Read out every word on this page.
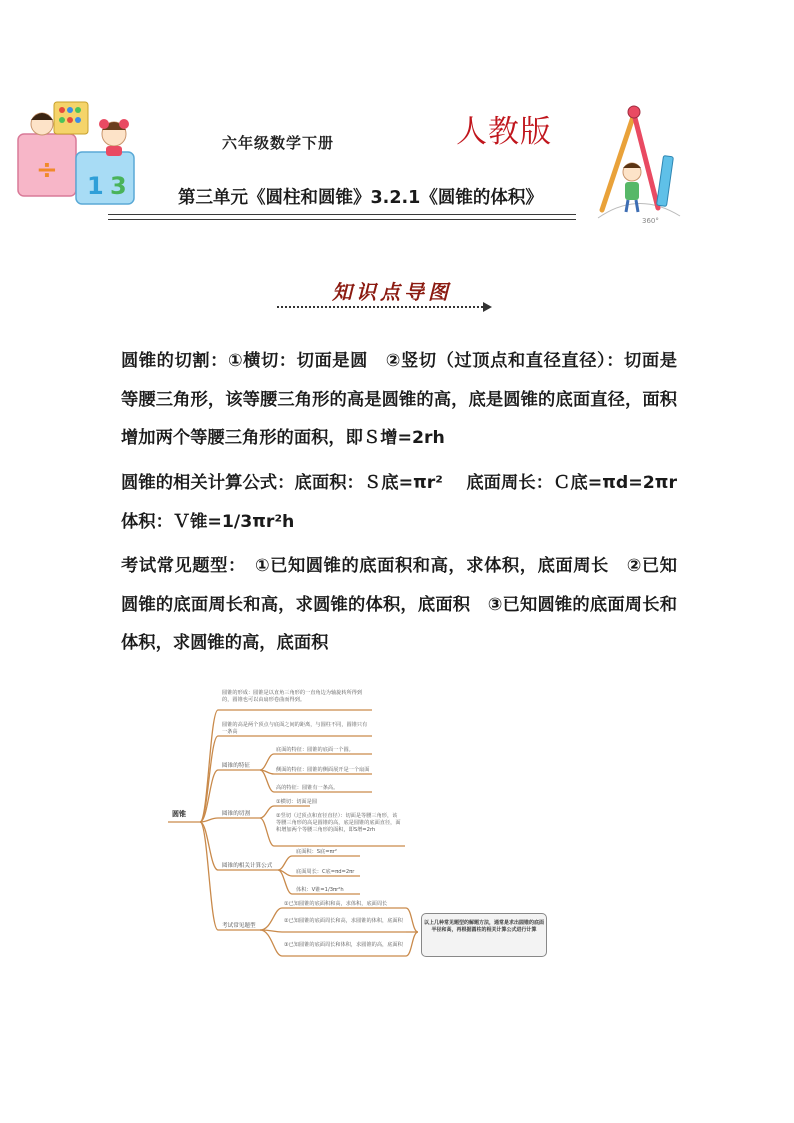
÷
1 3
360°
六年级数学下册	人教版
第三单元《圆柱和圆锥》3.2.1《圆锥的体积》
知识点导图
圆锥的切割：①横切：切面是圆　②竖切（过顶点和直径直径）：切面是等腰三角形，该等腰三角形的高是圆锥的高，底是圆锥的底面直径，面积增加两个等腰三角形的面积，即Ｓ增=2rh
圆锥的相关计算公式：底面积：Ｓ底=πr²　 底面周长：Ｃ底=πd=2πr　体积：Ｖ锥=1/3πr²h
考试常见题型：　①已知圆锥的底面积和高，求体积，底面周长　②已知圆锥的底面周长和高，求圆锥的体积，底面积　③已知圆锥的底面周长和体积，求圆锥的高，底面积
圆锥
圆锥的形成：圆锥是以直角三角形的一直角边为轴旋转所得到的，圆锥也可以由扇形卷曲而得到。
圆锥的高是两个顶点与底面之间的距离，与圆柱不同，圆锥只有一条高
圆锥的特征
底面的特征：圆锥的底面一个圆。
侧面的特征：圆锥的侧面展开是一个扇面
高的特征：圆锥有一条高。
圆锥的切割
①横切：切面是圆
②竖切（过顶点和直径直径）：切面是等腰三角形，该等腰三角形的高是圆锥的高，底是圆锥的底面直径，面积增加两个等腰三角形的面积，即S增=2rh
圆锥的相关计算公式
底面积：S底=πr²
底面周长：C底=πd=2πr
体积：V锥=1/3πr²h
考试常见题型
①已知圆锥的底面积和高，求体积，底面周长
②已知圆锥的底面周长和高，求圆锥的体积，底面积
③已知圆锥的底面周长和体积，求圆锥的高，底面积
以上几种常见题型的解题方法，通常是求出圆锥的底面半径和高，再根据圆柱的相关计算公式进行计算
